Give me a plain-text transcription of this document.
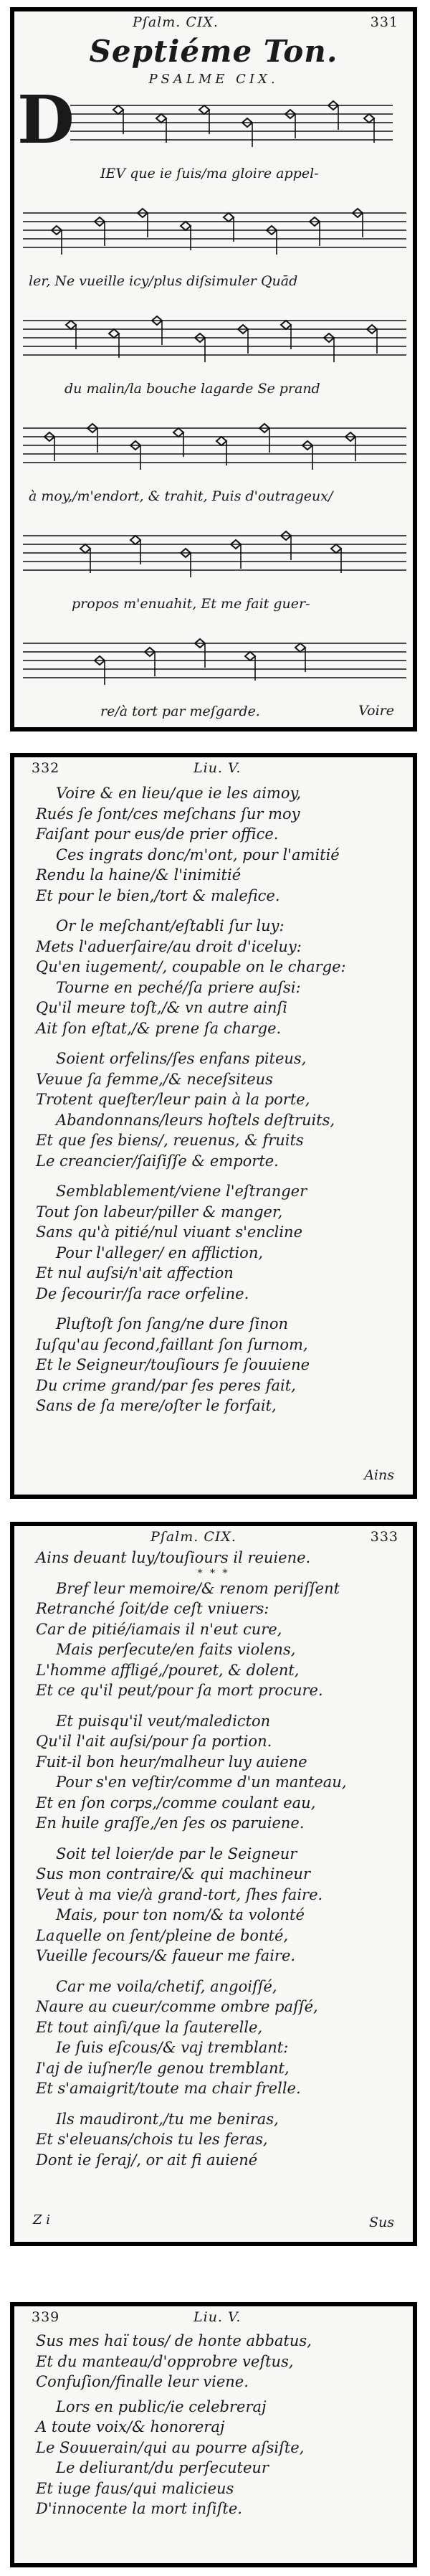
Pſalm. CIX.	331
Septiéme Ton.
PSALME CIX.
D
IEV que ie ſuis/ma gloire appel-
ler, Ne vueille icy/plus diſsimuler Quād
du malin/la bouche lagarde Se prand
à moy,/m'endort, & trahit, Puis d'outrageux/
propos m'enuahit, Et me fait guer-
re/à tort par meſgarde.	Voire
332	Liu. V.
Voire & en lieu/que ie les aimoy,
Rués ſe ſont/ces meſchans ſur moy
Faiſant pour eus/de prier office.
Ces ingrats donc/m'ont, pour l'amitié
Rendu la haine/& l'inimitié
Et pour le bien,/tort & malefice.
Or le meſchant/eſtabli ſur luy:
Mets l'aduerſaire/au droit d'iceluy:
Qu'en iugement/, coupable on le charge:
Tourne en peché/ſa priere auſsi:
Qu'il meure toſt,/& vn autre ainſi
Ait ſon eſtat,/& prene ſa charge.
Soient orfelins/ſes enfans piteus,
Veuue ſa femme,/& neceſsiteus
Trotent queſter/leur pain à la porte,
Abandonnans/leurs hoſtels deſtruits,
Et que ſes biens/, reuenus, & fruits
Le creancier/ſaiſiſſe & emporte.
Semblablement/viene l'eſtranger
Tout ſon labeur/piller & manger,
Sans qu'à pitié/nul viuant s'encline
Pour l'alleger/ en affliction,
Et nul auſsi/n'ait affection
De ſecourir/ſa race orfeline.
Pluſtoſt ſon ſang/ne dure ſinon
Iuſqu'au ſecond,faillant ſon ſurnom,
Et le Seigneur/touſiours ſe ſouuiene
Du crime grand/par ſes peres fait,
Sans de ſa mere/oſter le forfait,
Ains
Pſalm. CIX.	333
Ains deuant luy/touſiours il reuiene.
* * *
Bref leur memoire/& renom periſſent
Retranché ſoit/de ceſt vniuers:
Car de pitié/iamais il n'eut cure,
Mais perſecute/en faits violens,
L'homme affligé,/pouret, & dolent,
Et ce qu'il peut/pour ſa mort procure.
Et puisqu'il veut/maledicton
Qu'il l'ait auſsi/pour ſa portion.
Fuit-il bon heur/malheur luy auiene
Pour s'en veſtir/comme d'un manteau,
Et en ſon corps,/comme coulant eau,
En huile graſſe,/en ſes os paruiene.
Soit tel loier/de par le Seigneur
Sus mon contraire/& qui machineur
Veut à ma vie/à grand-tort, ſhes faire.
Mais, pour ton nom/& ta volonté
Laquelle on ſent/pleine de bonté,
Vueille ſecours/& faueur me faire.
Car me voila/chetif, angoiſſé,
Naure au cueur/comme ombre paſſé,
Et tout ainſi/que la ſauterelle,
Ie ſuis eſcous/& vaj tremblant:
I'aj de iuſner/le genou tremblant,
Et s'amaigrit/toute ma chair frelle.
Ils maudiront,/tu me beniras,
Et s'eleuans/chois tu les feras,
Dont ie ſeraj/, or ait fi auiené
Z i	Sus
339	Liu. V.
Sus mes haï tous/ de honte abbatus,
Et du manteau/d'opprobre veſtus,
Confuſion/finalle leur viene.
Lors en public/ie celebreraj
A toute voix/& honoreraj
Le Souuerain/qui au pourre aſsiſte,
Le deliurant/du perſecuteur
Et iuge faus/qui malicieus
D'innocente la mort inſiſte.
